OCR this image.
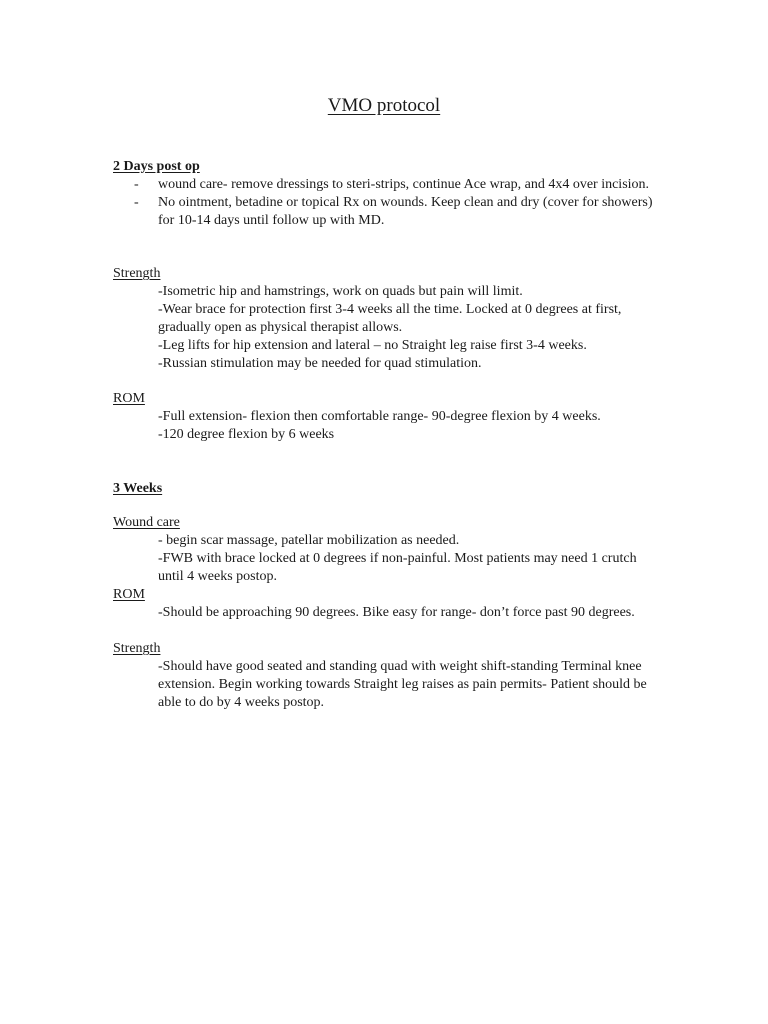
VMO protocol
2 Days post op
- wound care- remove dressings to steri-strips, continue Ace wrap, and 4x4 over incision.
- No ointment, betadine or topical Rx on wounds. Keep clean and dry (cover for showers) for 10-14 days until follow up with MD.
Strength
-Isometric hip and hamstrings, work on quads but pain will limit.
-Wear brace for protection first 3-4 weeks all the time. Locked at 0 degrees at first, gradually open as physical therapist allows.
-Leg lifts for hip extension and lateral – no Straight leg raise first 3-4 weeks.
-Russian stimulation may be needed for quad stimulation.
ROM
-Full extension- flexion then comfortable range- 90-degree flexion by 4 weeks.
-120 degree flexion by 6 weeks
3 Weeks
Wound care
- begin scar massage, patellar mobilization as needed.
-FWB with brace locked at 0 degrees if non-painful. Most patients may need 1 crutch until 4 weeks postop.
ROM
-Should be approaching 90 degrees. Bike easy for range- don’t force past 90 degrees.
Strength
-Should have good seated and standing quad with weight shift-standing Terminal knee extension. Begin working towards Straight leg raises as pain permits- Patient should be able to do by 4 weeks postop.
